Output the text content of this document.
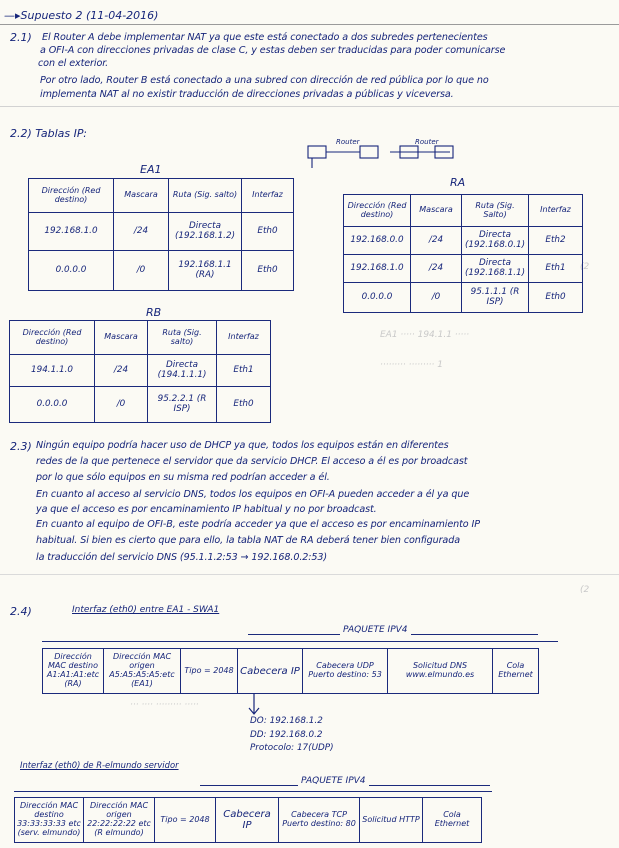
(2
EA1 ····· 194.1.1 ·····
········· ········· 1
(2
··· ···· ········· ·····
—▸Supuesto 2 (11-04-2016)
2.1) El Router A debe implementar NAT ya que este está conectado a dos subredes pertenecientes
a OFI-A con direcciones privadas de clase C, y estas deben ser traducidas para poder comunicarse
con el exterior.
Por otro lado, Router B está conectado a una subred con dirección de red pública por lo que no
implementa NAT al no existir traducción de direcciones privadas a públicas y viceversa.
2.2) Tablas IP:
Router	Router
EA1
Dirección (Red destino)	Mascara	Ruta (Sig. salto)	Interfaz
192.168.1.0	/24	Directa (192.168.1.2)	Eth0
0.0.0.0	/0	192.168.1.1 (RA)	Eth0
RA
Dirección (Red destino)	Mascara	Ruta (Sig. Salto)	Interfaz
192.168.0.0	/24	Directa (192.168.0.1)	Eth2
192.168.1.0	/24	Directa (192.168.1.1)	Eth1
0.0.0.0	/0	95.1.1.1 (R ISP)	Eth0
RB
Dirección (Red destino)	Mascara	Ruta (Sig. salto)	Interfaz
194.1.1.0	/24	Directa (194.1.1.1)	Eth1
0.0.0.0	/0	95.2.2.1 (R ISP)	Eth0
2.3) Ningún equipo podría hacer uso de DHCP ya que, todos los equipos están en diferentes
redes de la que pertenece el servidor que da servicio DHCP. El acceso a él es por broadcast
por lo que sólo equipos en su misma red podrían acceder a él.
En cuanto al acceso al servicio DNS, todos los equipos en OFI-A pueden acceder a él ya que
ya que el acceso es por encaminamiento IP habitual y no por broadcast.
En cuanto al equipo de OFI-B, este podría acceder ya que el acceso es por encaminamiento IP
habitual. Si bien es cierto que para ello, la tabla NAT de RA deberá tener bien configurada
la traducción del servicio DNS (95.1.1.2:53 → 192.168.0.2:53)
2.4)	Interfaz (eth0) entre EA1 - SWA1
PAQUETE IPV4
Dirección MAC destino A1:A1:A1:etc (RA)
Dirección MAC origen A5:A5:A5:A5:etc (EA1)
Tipo = 2048 Cabecera IP	Cabecera UDP Puerto destino: 53
Solicitud DNS www.elmundo.es
Cola Ethernet
DO: 192.168.1.2
DD: 192.168.0.2
Protocolo: 17(UDP)
Interfaz (eth0) de R-elmundo servidor
PAQUETE IPV4
Dirección MAC destino 33:33:33:33 etc (serv. elmundo)
Dirección MAC origen 22:22:22:22 etc (R elmundo)
Tipo = 2048	Cabecera IP
Cabecera TCP Puerto destino: 80 Solicitud HTTP	Cola Ethernet
